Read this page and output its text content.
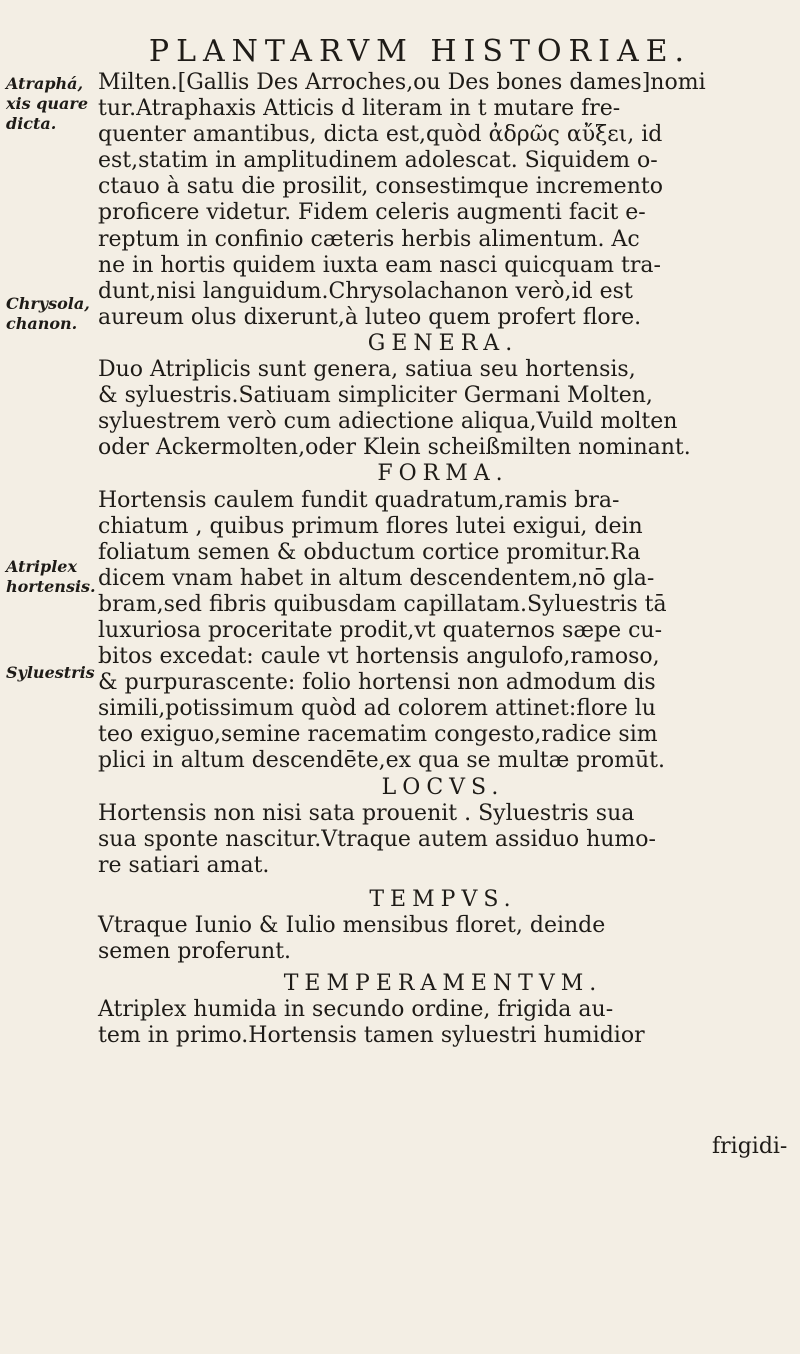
PLANTARVM HISTORIAE.
Atraphá,
xis quare
dicta.
Chrysola,
chanon.
Atriplex
hortensis.
Syluestris
Milten.[Gallis Des Arroches,ou Des bones dames]nomi
tur.Atraphaxis Atticis d literam in t mutare fre-
quenter amantibus, dicta est,quòd ἀδρῶς αὔξει, id
est,statim in amplitudinem adolescat. Siquidem o-
ctauo à satu die prosilit, consestimque incremento
proficere videtur. Fidem celeris augmenti facit e-
reptum in confinio cæteris herbis alimentum. Ac
ne in hortis quidem iuxta eam nasci quicquam tra-
dunt,nisi languidum.Chrysolachanon verò,id est
aureum olus dixerunt,à luteo quem profert flore.
GENERA.
Duo Atriplicis sunt genera, satiua seu hortensis,
& syluestris.Satiuam simpliciter Germani Molten,
syluestrem verò cum adiectione aliqua,Vuild molten
oder Ackermolten,oder Klein scheißmilten nominant.
FORMA.
Hortensis caulem fundit quadratum,ramis bra-
chiatum , quibus primum flores lutei exigui, dein
foliatum semen & obductum cortice promitur.Ra
dicem vnam habet in altum descendentem,nō gla-
bram,sed fibris quibusdam capillatam.Syluestris tā
luxuriosa proceritate prodit,vt quaternos sæpe cu-
bitos excedat: caule vt hortensis angulofo,ramoso,
& purpurascente: folio hortensi non admodum dis
simili,potissimum quòd ad colorem attinet:flore lu
teo exiguo,semine racematim congesto,radice sim
plici in altum descendēte,ex qua se multæ promūt.
LOCVS.
Hortensis non nisi sata prouenit . Syluestris sua
sua sponte nascitur.Vtraque autem assiduo humo-
re satiari amat.
TEMPVS.
Vtraque Iunio & Iulio mensibus floret, deinde
semen proferunt.
TEMPERAMENTVM.
Atriplex humida in secundo ordine, frigida au-
tem in primo.Hortensis tamen syluestri humidior
frigidi-
